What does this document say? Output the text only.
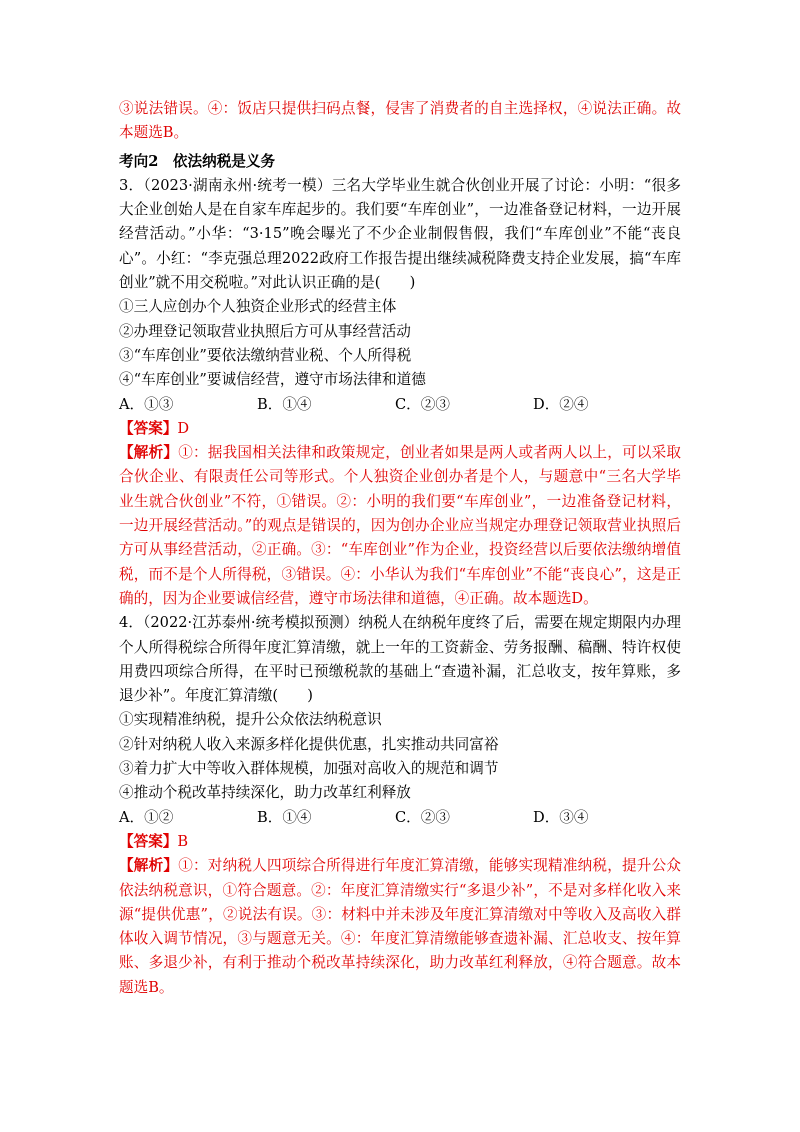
③说法错误。④：饭店只提供扫码点餐，侵害了消费者的自主选择权，④说法正确。故本题选B。

考向2　依法纳税是义务

3．（2023·湖南永州·统考一模）三名大学毕业生就合伙创业开展了讨论：小明：“很多大企业创始人是在自家车库起步的。我们要“车库创业”，一边准备登记材料，一边开展经营活动。”小华：“3·15”晚会曝光了不少企业制假售假，我们“车库创业”不能“丧良心”。小红：“李克强总理2022政府工作报告提出继续减税降费支持企业发展，搞“车库创业”就不用交税啦。”对此认识正确的是(　　)

①三人应创办个人独资企业形式的经营主体

②办理登记领取营业执照后方可从事经营活动

③“车库创业”要依法缴纳营业税、个人所得税

④“车库创业”要诚信经营，遵守市场法律和道德

A．①③	B．①④	C．②③	D．②④
【答案】D

【解析】①：据我国相关法律和政策规定，创业者如果是两人或者两人以上，可以采取合伙企业、有限责任公司等形式。个人独资企业创办者是个人，与题意中“三名大学毕业生就合伙创业”不符，①错误。②：小明的我们要“车库创业”，一边准备登记材料，一边开展经营活动。”的观点是错误的，因为创办企业应当规定办理登记领取营业执照后方可从事经营活动，②正确。③：“车库创业”作为企业，投资经营以后要依法缴纳增值税，而不是个人所得税，③错误。④：小华认为我们“车库创业”不能“丧良心”，这是正确的，因为企业要诚信经营，遵守市场法律和道德，④正确。故本题选D。

4．（2022·江苏泰州·统考模拟预测）纳税人在纳税年度终了后，需要在规定期限内办理个人所得税综合所得年度汇算清缴，就上一年的工资薪金、劳务报酬、稿酬、特许权使用费四项综合所得，在平时已预缴税款的基础上“查遗补漏，汇总收支，按年算账，多退少补”。年度汇算清缴(　　)

①实现精准纳税，提升公众依法纳税意识

②针对纳税人收入来源多样化提供优惠，扎实推动共同富裕

③着力扩大中等收入群体规模，加强对高收入的规范和调节

④推动个税改革持续深化，助力改革红利释放

A．①②	B．①④	C．②③	D．③④
【答案】B

【解析】①：对纳税人四项综合所得进行年度汇算清缴，能够实现精准纳税，提升公众依法纳税意识，①符合题意。②：年度汇算清缴实行“多退少补”，不是对多样化收入来源“提供优惠”，②说法有误。③：材料中并未涉及年度汇算清缴对中等收入及高收入群体收入调节情况，③与题意无关。④：年度汇算清缴能够查遗补漏、汇总收支、按年算账、多退少补，有利于推动个税改革持续深化，助力改革红利释放，④符合题意。故本题选B。
